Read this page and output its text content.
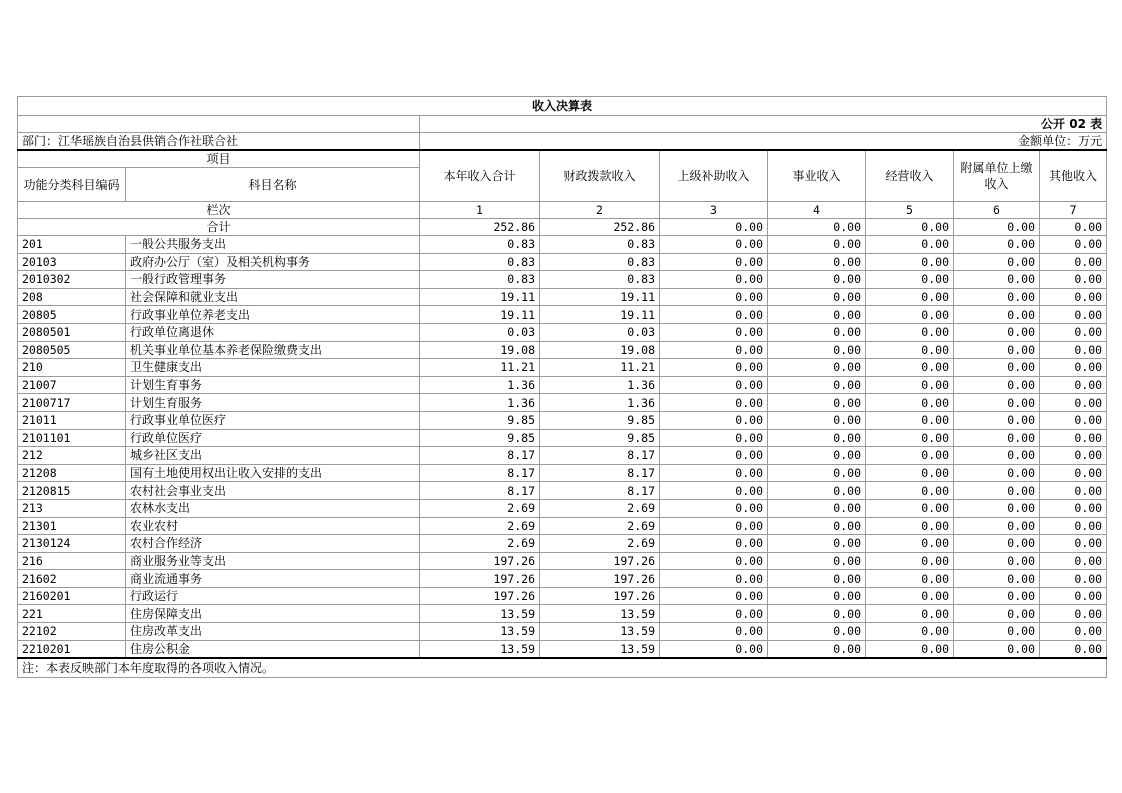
收入决算表								
		公开 02 表						
部门：江华瑶族自治县供销合作社联合社		金额单位：万元						
项目		本年收入合计	财政拨款收入	上级补助收入	事业收入	经营收入	附属单位上缴收入	其他收入
功能分类科目编码	科目名称							
栏次		1	2	3	4	5	6	7
合计		252.86	252.86	0.00	0.00	0.00	0.00	0.00
201	一般公共服务支出	0.83	0.83	0.00	0.00	0.00	0.00	0.00
20103	政府办公厅（室）及相关机构事务	0.83	0.83	0.00	0.00	0.00	0.00	0.00
2010302	一般行政管理事务	0.83	0.83	0.00	0.00	0.00	0.00	0.00
208	社会保障和就业支出	19.11	19.11	0.00	0.00	0.00	0.00	0.00
20805	行政事业单位养老支出	19.11	19.11	0.00	0.00	0.00	0.00	0.00
2080501	行政单位离退休	0.03	0.03	0.00	0.00	0.00	0.00	0.00
2080505	机关事业单位基本养老保险缴费支出	19.08	19.08	0.00	0.00	0.00	0.00	0.00
210	卫生健康支出	11.21	11.21	0.00	0.00	0.00	0.00	0.00
21007	计划生育事务	1.36	1.36	0.00	0.00	0.00	0.00	0.00
2100717	计划生育服务	1.36	1.36	0.00	0.00	0.00	0.00	0.00
21011	行政事业单位医疗	9.85	9.85	0.00	0.00	0.00	0.00	0.00
2101101	行政单位医疗	9.85	9.85	0.00	0.00	0.00	0.00	0.00
212	城乡社区支出	8.17	8.17	0.00	0.00	0.00	0.00	0.00
21208	国有土地使用权出让收入安排的支出	8.17	8.17	0.00	0.00	0.00	0.00	0.00
2120815	农村社会事业支出	8.17	8.17	0.00	0.00	0.00	0.00	0.00
213	农林水支出	2.69	2.69	0.00	0.00	0.00	0.00	0.00
21301	农业农村	2.69	2.69	0.00	0.00	0.00	0.00	0.00
2130124	农村合作经济	2.69	2.69	0.00	0.00	0.00	0.00	0.00
216	商业服务业等支出	197.26	197.26	0.00	0.00	0.00	0.00	0.00
21602	商业流通事务	197.26	197.26	0.00	0.00	0.00	0.00	0.00
2160201	行政运行	197.26	197.26	0.00	0.00	0.00	0.00	0.00
221	住房保障支出	13.59	13.59	0.00	0.00	0.00	0.00	0.00
22102	住房改革支出	13.59	13.59	0.00	0.00	0.00	0.00	0.00
2210201	住房公积金	13.59	13.59	0.00	0.00	0.00	0.00	0.00
注：本表反映部门本年度取得的各项收入情况。								
